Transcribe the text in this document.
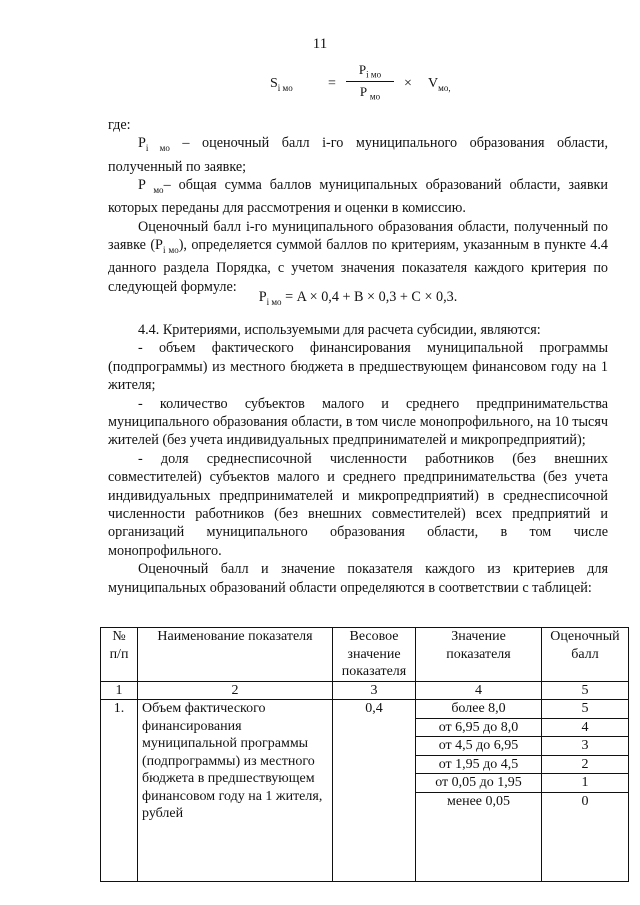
11
$S_{i мо}$	=
$P_{i мо}$
P $_{мо}$
× $V_{мо,}$

где:

$P_{i мо}$ – оценочный балл i-го муниципального образования области, полученный по заявке;

P $_{мо}$– общая сумма баллов муниципальных образований области, заявки которых переданы для рассмотрения и оценки в комиссию.

Оценочный балл i-го муниципального образования области, полученный по заявке $(P_{i мо})$, определяется суммой баллов по критериям, указанным в пункте 4.4 данного раздела Порядка, с учетом значения показателя каждого критерия по следующей формуле:

$P_{i мо} = A \times 0,4 + B \times 0,3 + C \times 0,3$.

4.4. Критериями, используемыми для расчета субсидии, являются:

- объем фактического финансирования муниципальной программы (подпрограммы) из местного бюджета в предшествующем финансовом году на 1 жителя;

- количество субъектов малого и среднего предпринимательства муниципального образования области, в том числе монопрофильного, на 10 тысяч жителей (без учета индивидуальных предпринимателей и микропредприятий);

- доля среднесписочной численности работников (без внешних совместителей) субъектов малого и среднего предпринимательства (без учета индивидуальных предпринимателей и микропредприятий) в среднесписочной численности работников (без внешних совместителей) всех предприятий и организаций муниципального образования области, в том числе монопрофильного.

Оценочный балл и значение показателя каждого из критериев для муниципальных образований области определяются в соответствии с таблицей:

№ п/п	Наименование показателя	Весовое значение показателя	Значение показателя	Оценочный балл
1	2	3	4	5
1.	Объем фактического финансирования муниципальной программы (подпрограммы) из местного бюджета в предшествующем финансовом году на 1 жителя, рублей	0,4	более 8,0	5
			от 6,95 до 8,0	4
			от 4,5 до 6,95	3
			от 1,95 до 4,5	2
			от 0,05 до 1,95	1
			менее 0,05	0
